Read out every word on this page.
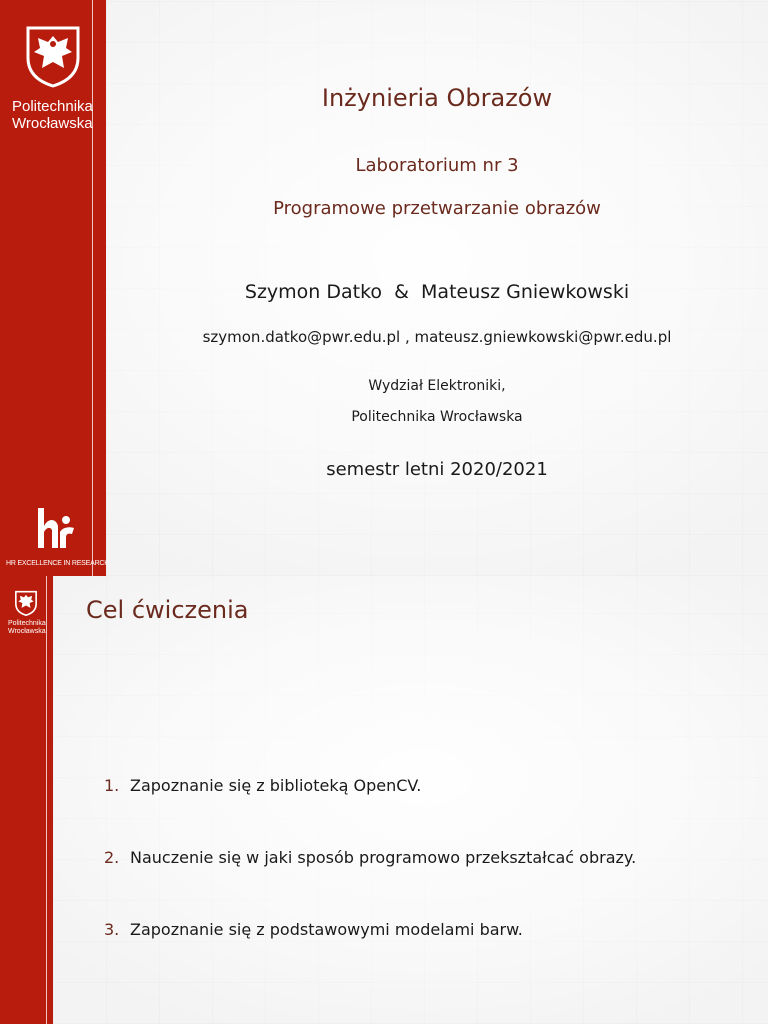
Politechnika
Wrocławska
HR EXCELLENCE IN RESEARCH
Inżynieria Obrazów
Laboratorium nr 3
Programowe przetwarzanie obrazów
Szymon Datko  &  Mateusz Gniewkowski
szymon.datko@pwr.edu.pl , mateusz.gniewkowski@pwr.edu.pl
Wydział Elektroniki,
Politechnika Wrocławska
semestr letni 2020/2021
Politechnika
Wrocławska
Cel ćwiczenia
1. Zapoznanie się z biblioteką OpenCV.
2. Nauczenie się w jaki sposób programowo przekształcać obrazy.
3. Zapoznanie się z podstawowymi modelami barw.
